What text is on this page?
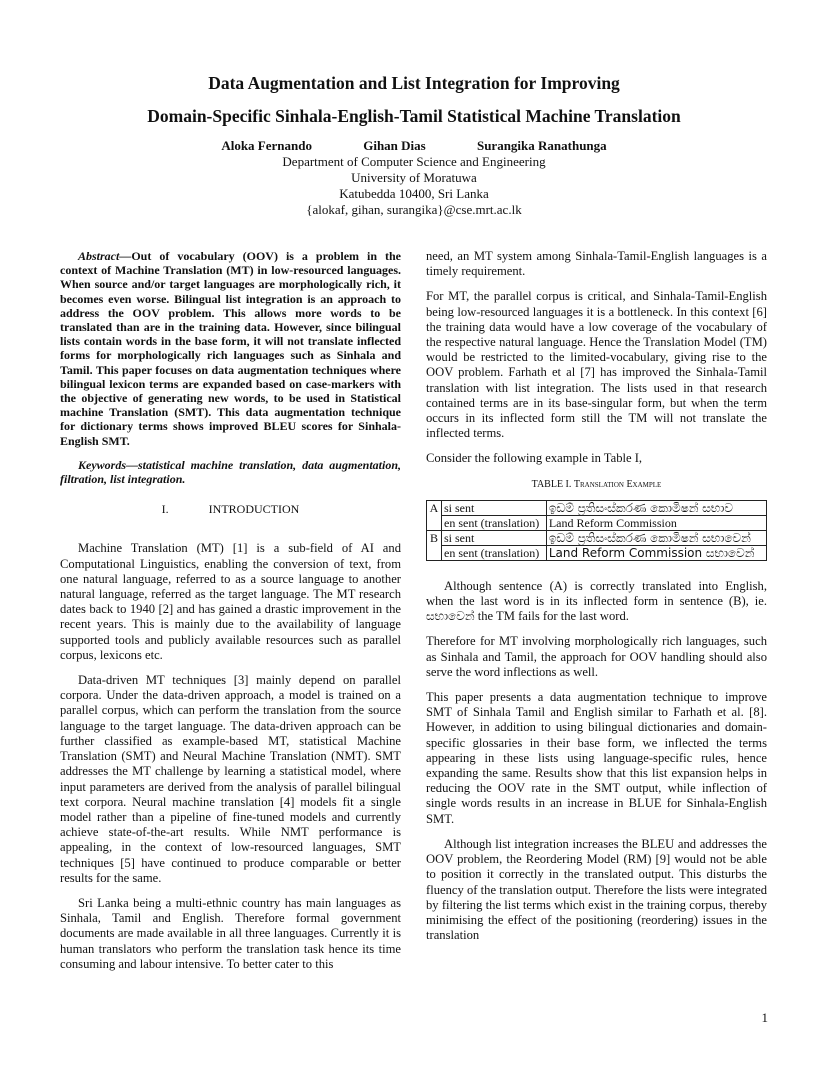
Data Augmentation and List Integration for Improving
Domain-Specific Sinhala-English-Tamil Statistical Machine Translation
Aloka Fernando	Gihan Dias	Surangika Ranathunga
Department of Computer Science and Engineering
University of Moratuwa
Katubedda 10400, Sri Lanka
{alokaf, gihan, surangika}@cse.mrt.ac.lk

Abstract—Out of vocabulary (OOV) is a problem in the context of Machine Translation (MT) in low-resourced languages. When source and/or target languages are morphologically rich, it becomes even worse. Bilingual list integration is an approach to address the OOV problem. This allows more words to be translated than are in the training data. However, since bilingual lists contain words in the base form, it will not translate inflected forms for morphologically rich languages such as Sinhala and Tamil. This paper focuses on data augmentation techniques where bilingual lexicon terms are expanded based on case-markers with the objective of generating new words, to be used in Statistical machine Translation (SMT). This data augmentation technique for dictionary terms shows improved BLEU scores for Sinhala-English SMT.

Keywords—statistical machine translation, data augmentation, filtration, list integration.

I.	INTRODUCTION

Machine Translation (MT) [1] is a sub-field of AI and Computational Linguistics, enabling the conversion of text, from one natural language, referred to as a source language to another natural language, referred as the target language. The MT research dates back to 1940 [2] and has gained a drastic improvement in the recent years. This is mainly due to the availability of language supported tools and publicly available resources such as parallel corpus, lexicons etc.

Data-driven MT techniques [3] mainly depend on parallel corpora. Under the data-driven approach, a model is trained on a parallel corpus, which can perform the translation from the source language to the target language. The data-driven approach can be further classified as example-based MT, statistical Machine Translation (SMT) and Neural Machine Translation (NMT). SMT addresses the MT challenge by learning a statistical model, where input parameters are derived from the analysis of parallel bilingual text corpora. Neural machine translation [4] models fit a single model rather than a pipeline of fine-tuned models and currently achieve state-of-the-art results. While NMT performance is appealing, in the context of low-resourced languages, SMT techniques [5] have continued to produce comparable or better results for the same.

Sri Lanka being a multi-ethnic country has main languages as Sinhala, Tamil and English. Therefore formal government documents are made available in all three languages. Currently it is human translators who perform the translation task hence its time consuming and labour intensive. To better cater to this

need, an MT system among Sinhala-Tamil-English languages is a timely requirement.

For MT, the parallel corpus is critical, and Sinhala-Tamil-English being low-resourced languages it is a bottleneck. In this context [6] the training data would have a low coverage of the vocabulary of the respective natural language. Hence the Translation Model (TM) would be restricted to the limited-vocabulary, giving rise to the OOV problem. Farhath et al [7] has improved the Sinhala-Tamil translation with list integration. The lists used in that research contained terms are in its base-singular form, but when the term occurs in its inflected form still the TM will not translate the inflected terms.

Consider the following example in Table I,

TABLE I. Translation Example

A	si sent	ඉඩම් ප්‍රතිසංස්කරණ කොමිෂන් සභාව
	en sent (translation)	Land Reform Commission
B	si sent	ඉඩම් ප්‍රතිසංස්කරණ කොමිෂන් සභාවෙන්
	en sent (translation)	Land Reform Commission සභාවෙන්

Although sentence (A) is correctly translated into English, when the last word is in its inflected form in sentence (B), ie. සභාවෙන් the TM fails for the last word.

Therefore for MT involving morphologically rich languages, such as Sinhala and Tamil, the approach for OOV handling should also serve the word inflections as well.

This paper presents a data augmentation technique to improve SMT of Sinhala Tamil and English similar to Farhath et al. [8]. However, in addition to using bilingual dictionaries and domain-specific glossaries in their base form, we inflected the terms appearing in these lists using language-specific rules, hence expanding the same. Results show that this list expansion helps in reducing the OOV rate in the SMT output, while inflection of single words results in an increase in BLUE for Sinhala-English SMT.

Although list integration increases the BLEU and addresses the OOV problem, the Reordering Model (RM) [9] would not be able to position it correctly in the translated output. This disturbs the fluency of the translation output. Therefore the lists were integrated by filtering the list terms which exist in the training corpus, thereby minimising the effect of the positioning (reordering) issues in the translation

1
